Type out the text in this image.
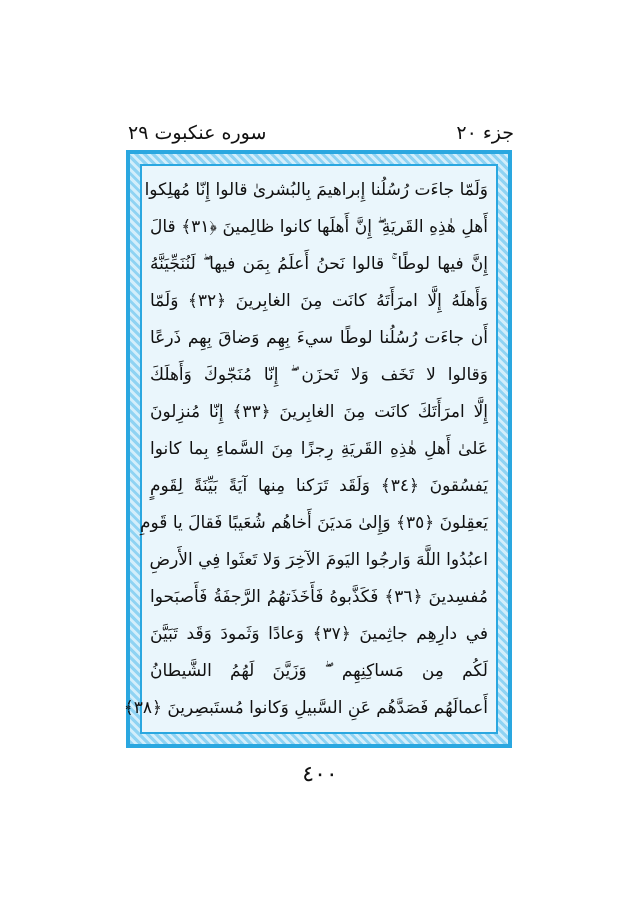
جزء ٢٠
سوره عنكبوت ٢٩
وَلَمّا جاءَت رُسُلُنا إِبراهيمَ بِالبُشرىٰ قالوا إِنّا مُهلِكوا
أَهلِ هٰذِهِ القَريَةِ ۖ إِنَّ أَهلَها كانوا ظالِمينَ ﴿٣١﴾ قالَ
إِنَّ فيها لوطًا ۚ قالوا نَحنُ أَعلَمُ بِمَن فيها ۖ لَنُنَجِّيَنَّهُ
وَأَهلَهُ إِلَّا امرَأَتَهُ كانَت مِنَ الغابِرينَ ﴿٣٢﴾ وَلَمّا
أَن جاءَت رُسُلُنا لوطًا سيءَ بِهِم وَضاقَ بِهِم ذَرعًا
وَقالوا لا تَخَف وَلا تَحزَن ۖ إِنّا مُنَجّوكَ وَأَهلَكَ
إِلَّا امرَأَتَكَ كانَت مِنَ الغابِرينَ ﴿٣٣﴾ إِنّا مُنزِلونَ
عَلىٰ أَهلِ هٰذِهِ القَريَةِ رِجزًا مِنَ السَّماءِ بِما كانوا
يَفسُقونَ ﴿٣٤﴾ وَلَقَد تَرَكنا مِنها آيَةً بَيِّنَةً لِقَومٍ
يَعقِلونَ ﴿٣٥﴾ وَإِلىٰ مَديَنَ أَخاهُم شُعَيبًا فَقالَ يا قَومِ
اعبُدُوا اللَّهَ وَارجُوا اليَومَ الآخِرَ وَلا تَعثَوا فِي الأَرضِ
مُفسِدينَ ﴿٣٦﴾ فَكَذَّبوهُ فَأَخَذَتهُمُ الرَّجفَةُ فَأَصبَحوا
في دارِهِم جاثِمينَ ﴿٣٧﴾ وَعادًا وَثَمودَ وَقَد تَبَيَّنَ
لَكُم مِن مَساكِنِهِم ۖ وَزَيَّنَ لَهُمُ الشَّيطانُ
أَعمالَهُم فَصَدَّهُم عَنِ السَّبيلِ وَكانوا مُستَبصِرينَ ﴿٣٨﴾
٤٠٠
